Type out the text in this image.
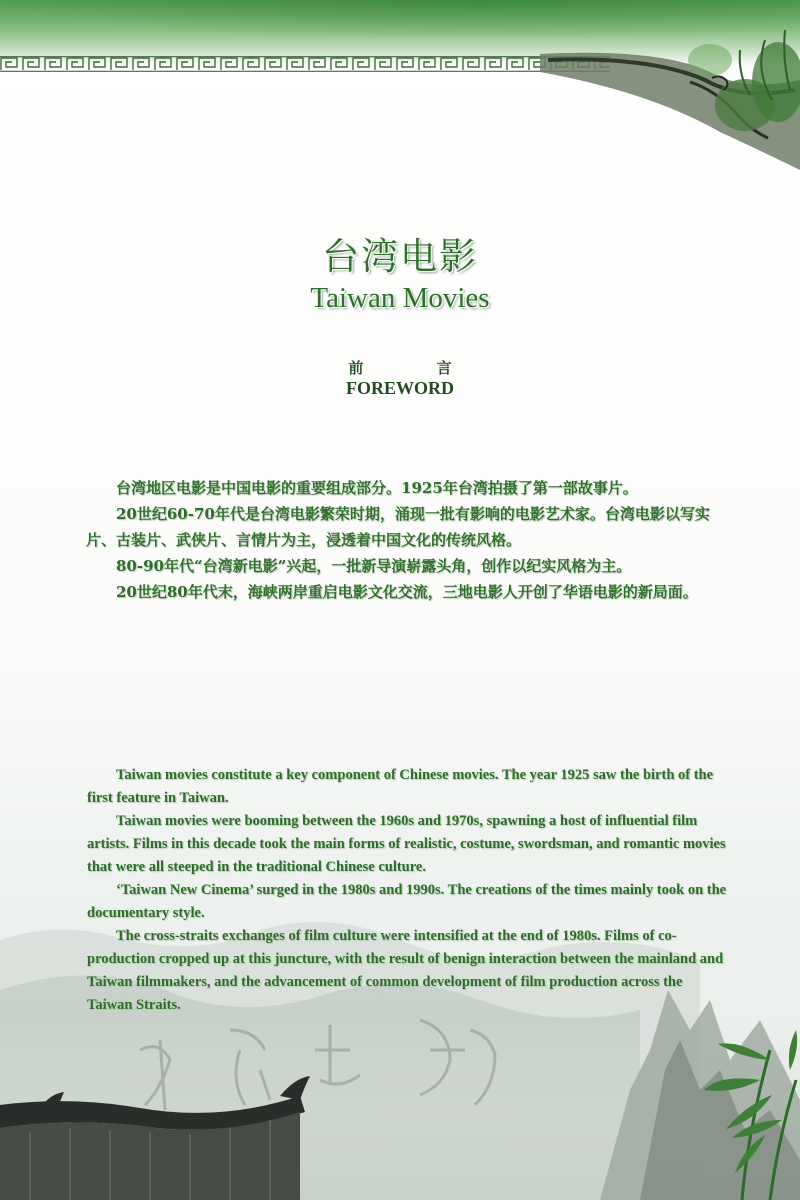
台湾电影
Taiwan Movies
前 言
FOREWORD

台湾地区电影是中国电影的重要组成部分。1925年台湾拍摄了第一部故事片。

20世纪60-70年代是台湾电影繁荣时期，涌现一批有影响的电影艺术家。台湾电影以写实片、古装片、武侠片、言情片为主，浸透着中国文化的传统风格。

80-90年代“台湾新电影”兴起，一批新导演崭露头角，创作以纪实风格为主。

20世纪80年代末，海峡两岸重启电影文化交流，三地电影人开创了华语电影的新局面。

Taiwan movies constitute a key component of Chinese movies. The year 1925 saw the birth of the first feature in Taiwan.

Taiwan movies were booming between the 1960s and 1970s, spawning a host of influential film artists. Films in this decade took the main forms of realistic, costume, swordsman, and romantic movies that were all steeped in the traditional Chinese culture.

‘Taiwan New Cinema’ surged in the 1980s and 1990s. The creations of the times mainly took on the documentary style.

The cross-straits exchanges of film culture were intensified at the end of 1980s. Films of co-production cropped up at this juncture, with the result of benign interaction between the mainland and Taiwan filmmakers, and the advancement of common development of film production across the Taiwan Straits.
